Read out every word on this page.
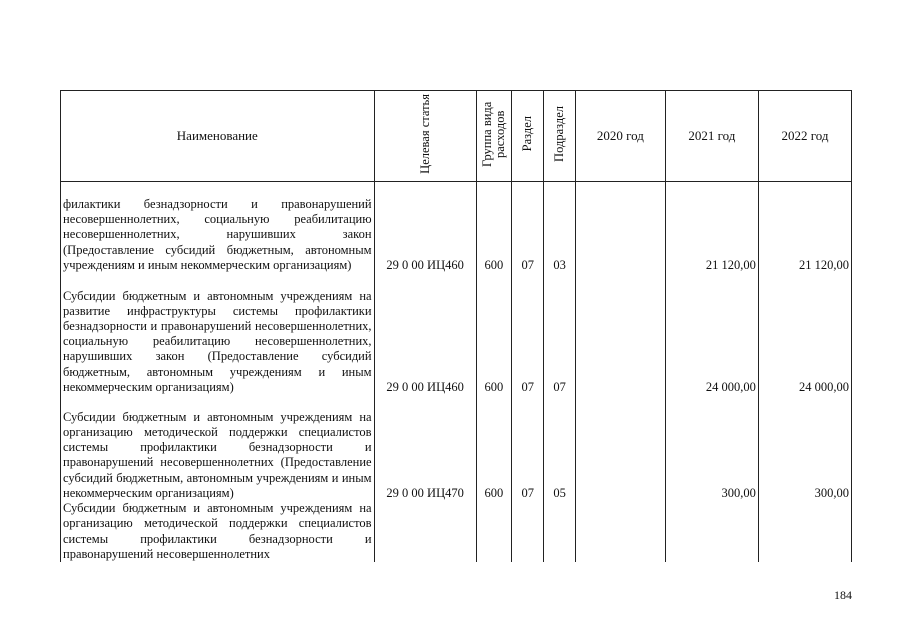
Наименование	Целевая статья	Группа вида расходов	Раздел	Подраздел	2020 год	2021 год	2022 год
филактики безнадзорности и правонарушений несовершеннолетних, социальную реабилитацию несовершеннолетних, нарушивших закон (Предоставление субсидий бюджетным, автономным учреждениям и иным некоммерческим организациям)	29 0 00 ИЦ460	600	07	03		21 120,00	21 120,00
Субсидии бюджетным и автономным учреждениям на развитие инфраструктуры системы профилактики безнадзорности и правонарушений несовершеннолетних, социальную реабилитацию несовершеннолетних, нарушивших закон (Предоставление субсидий бюджетным, автономным учреждениям и иным некоммерческим организациям)	29 0 00 ИЦ460	600	07	07		24 000,00	24 000,00
Субсидии бюджетным и автономным учреждениям на организацию методической поддержки специалистов системы профилактики безнадзорности и правонарушений несовершеннолетних (Предоставление субсидий бюджетным, автономным учреждениям и иным некоммерческим организациям)	29 0 00 ИЦ470	600	07	05		300,00	300,00
Субсидии бюджетным и автономным учреждениям на организацию методической поддержки специалистов системы профилактики безнадзорности и правонарушений несовершеннолетних							
184
